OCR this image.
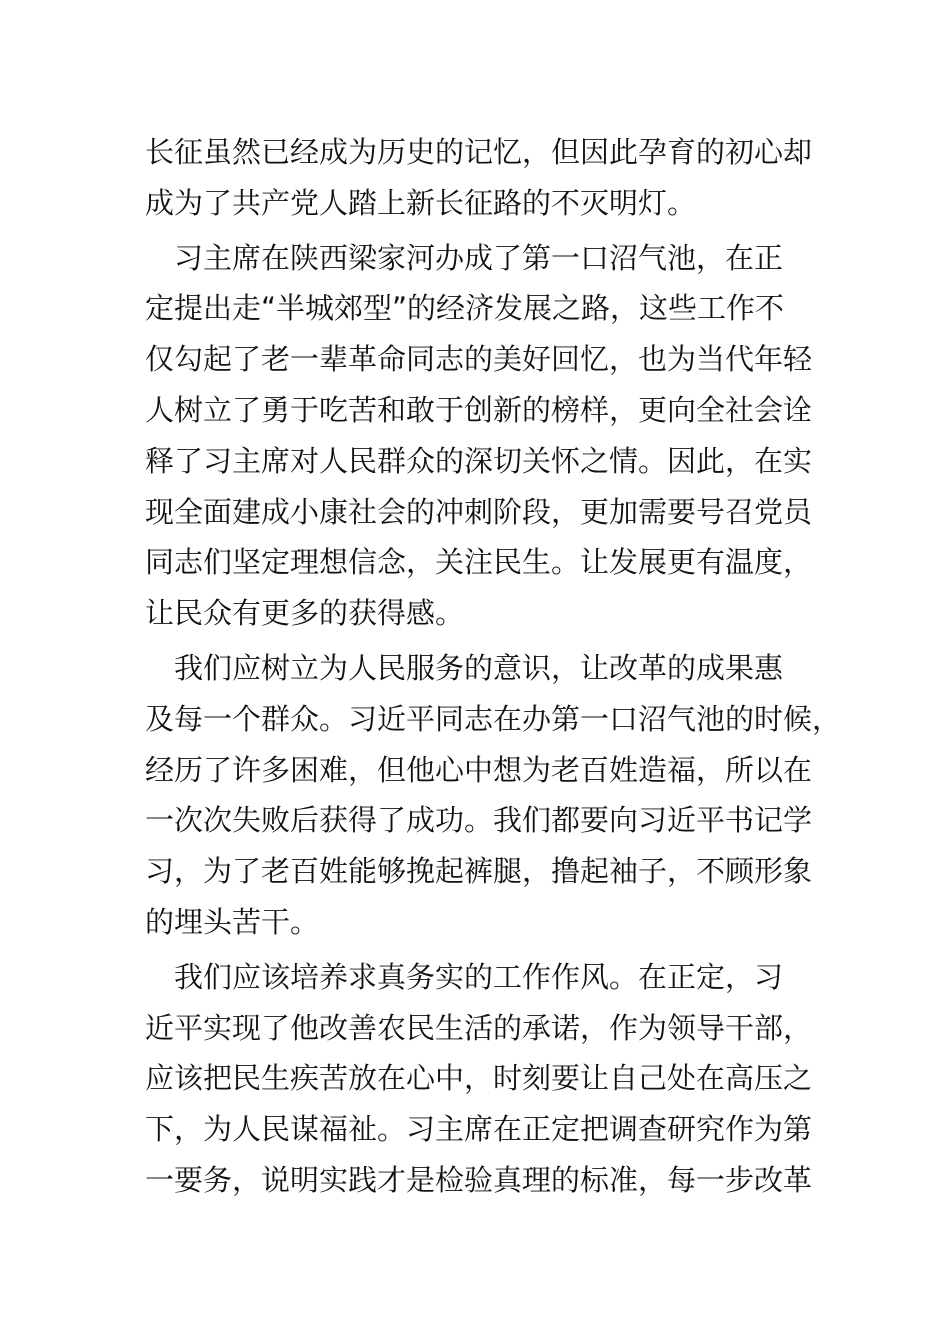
长征虽然已经成为历史的记忆，但因此孕育的初心却
成为了共产党人踏上新长征路的不灭明灯。
　习主席在陕西梁家河办成了第一口沼气池，在正
定提出走“半城郊型”的经济发展之路，这些工作不
仅勾起了老一辈革命同志的美好回忆，也为当代年轻
人树立了勇于吃苦和敢于创新的榜样，更向全社会诠
释了习主席对人民群众的深切关怀之情。因此，在实
现全面建成小康社会的冲刺阶段，更加需要号召党员
同志们坚定理想信念，关注民生。让发展更有温度，
让民众有更多的获得感。
　我们应树立为人民服务的意识，让改革的成果惠
及每一个群众。习近平同志在办第一口沼气池的时候，
经历了许多困难，但他心中想为老百姓造福，所以在
一次次失败后获得了成功。我们都要向习近平书记学
习，为了老百姓能够挽起裤腿，撸起袖子，不顾形象
的埋头苦干。
　我们应该培养求真务实的工作作风。在正定，习
近平实现了他改善农民生活的承诺，作为领导干部，
应该把民生疾苦放在心中，时刻要让自己处在高压之
下，为人民谋福祉。习主席在正定把调查研究作为第
一要务，说明实践才是检验真理的标准，每一步改革
